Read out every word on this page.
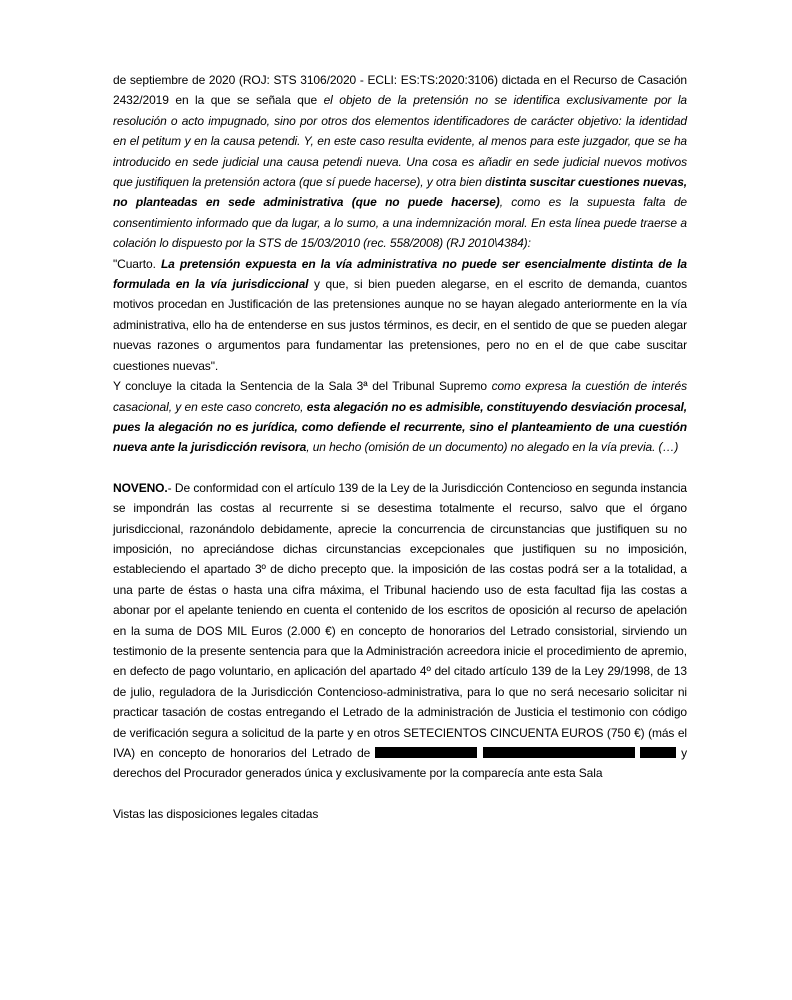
de septiembre de 2020 (ROJ: STS 3106/2020 - ECLI: ES:TS:2020:3106) dictada en el Recurso de Casación 2432/2019 en la que se señala que el objeto de la pretensión no se identifica exclusivamente por la resolución o acto impugnado, sino por otros dos elementos identificadores de carácter objetivo: la identidad en el petitum y en la causa petendi. Y, en este caso resulta evidente, al menos para este juzgador, que se ha introducido en sede judicial una causa petendi nueva. Una cosa es añadir en sede judicial nuevos motivos que justifiquen la pretensión actora (que sí puede hacerse), y otra bien distinta suscitar cuestiones nuevas, no planteadas en sede administrativa (que no puede hacerse), como es la supuesta falta de consentimiento informado que da lugar, a lo sumo, a una indemnización moral. En esta línea puede traerse a colación lo dispuesto por la STS de 15/03/2010 (rec. 558/2008) (RJ 2010\4384):

"Cuarto. La pretensión expuesta en la vía administrativa no puede ser esencialmente distinta de la formulada en la vía jurisdiccional y que, si bien pueden alegarse, en el escrito de demanda, cuantos motivos procedan en Justificación de las pretensiones aunque no se hayan alegado anteriormente en la vía administrativa, ello ha de entenderse en sus justos términos, es decir, en el sentido de que se pueden alegar nuevas razones o argumentos para fundamentar las pretensiones, pero no en el de que cabe suscitar cuestiones nuevas".

Y concluye la citada la Sentencia de la Sala 3ª del Tribunal Supremo como expresa la cuestión de interés casacional, y en este caso concreto, esta alegación no es admisible, constituyendo desviación procesal, pues la alegación no es jurídica, como defiende el recurrente, sino el planteamiento de una cuestión nueva ante la jurisdicción revisora, un hecho (omisión de un documento) no alegado en la vía previa. (…)

NOVENO.- De conformidad con el artículo 139 de la Ley de la Jurisdicción Contencioso en segunda instancia se impondrán las costas al recurrente si se desestima totalmente el recurso, salvo que el órgano jurisdiccional, razonándolo debidamente, aprecie la concurrencia de circunstancias que justifiquen su no imposición, no apreciándose dichas circunstancias excepcionales que justifiquen su no imposición, estableciendo el apartado 3º de dicho precepto que. la imposición de las costas podrá ser a la totalidad, a una parte de éstas o hasta una cifra máxima, el Tribunal haciendo uso de esta facultad fija las costas a abonar por el apelante teniendo en cuenta el contenido de los escritos de oposición al recurso de apelación en la suma de DOS MIL Euros (2.000 €) en concepto de honorarios del Letrado consistorial, sirviendo un testimonio de la presente sentencia para que la Administración acreedora inicie el procedimiento de apremio, en defecto de pago voluntario, en aplicación del apartado 4º del citado artículo 139 de la Ley 29/1998, de 13 de julio, reguladora de la Jurisdicción Contencioso-administrativa, para lo que no será necesario solicitar ni practicar tasación de costas entregando el Letrado de la administración de Justicia el testimonio con código de verificación segura a solicitud de la parte y en otros SETECIENTOS CINCUENTA EUROS (750 €) (más el IVA) en concepto de honorarios del Letrado de	y derechos del Procurador generados única y exclusivamente por la comparecía ante esta Sala

Vistas las disposiciones legales citadas
